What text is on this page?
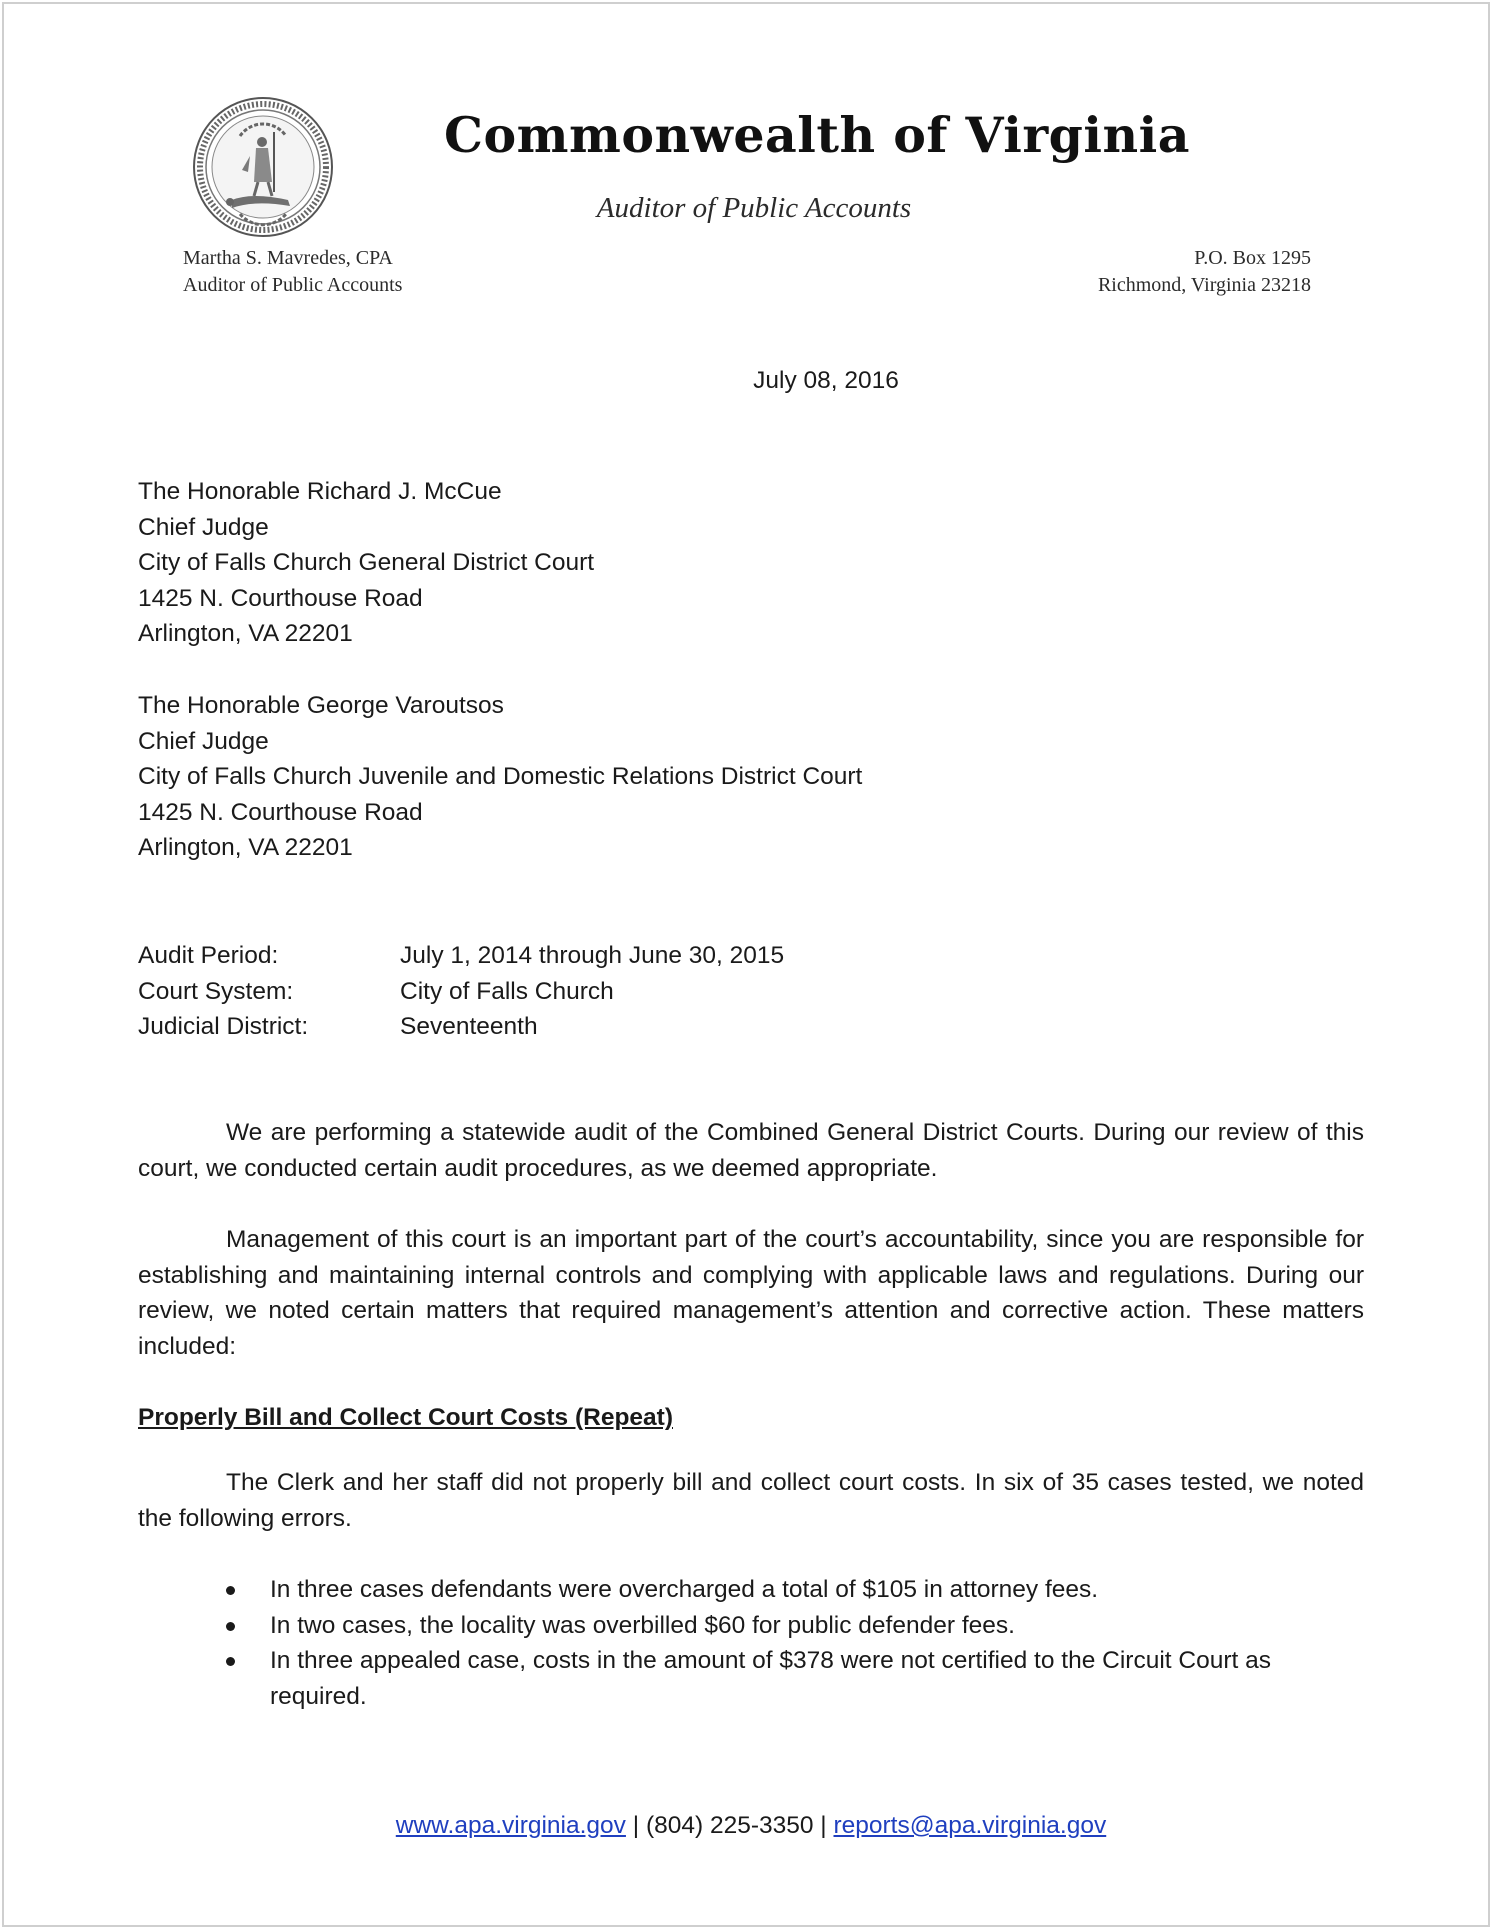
Commonwealth of Virginia
Auditor of Public Accounts
Martha S. Mavredes, CPA
Auditor of Public Accounts
P.O. Box 1295
Richmond, Virginia 23218
July 08, 2016
The Honorable Richard J. McCue
Chief Judge
City of Falls Church General District Court
1425 N. Courthouse Road
Arlington, VA 22201
The Honorable George Varoutsos
Chief Judge
City of Falls Church Juvenile and Domestic Relations District Court
1425 N. Courthouse Road
Arlington, VA 22201
Audit Period:	July 1, 2014 through June 30, 2015
Court System:	City of Falls Church
Judicial District:	Seventeenth

We are performing a statewide audit of the Combined General District Courts. During our review of this court, we conducted certain audit procedures, as we deemed appropriate.

Management of this court is an important part of the court’s accountability, since you are responsible for establishing and maintaining internal controls and complying with applicable laws and regulations. During our review, we noted certain matters that required management’s attention and corrective action. These matters included:

Properly Bill and Collect Court Costs (Repeat)

The Clerk and her staff did not properly bill and collect court costs. In six of 35 cases tested, we noted the following errors.

In three cases defendants were overcharged a total of $105 in attorney fees.
In two cases, the locality was overbilled $60 for public defender fees.
In three appealed case, costs in the amount of $378 were not certified to the Circuit Court as required.
www.apa.virginia.gov | (804) 225-3350 | reports@apa.virginia.gov
